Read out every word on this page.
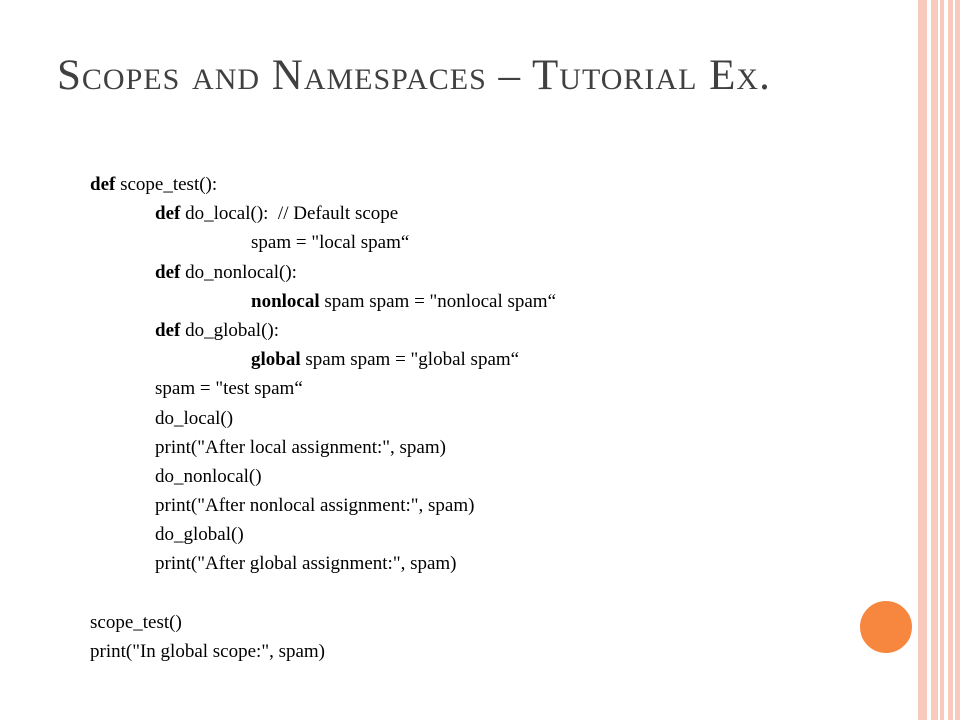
Scopes and Namespaces – Tutorial Ex.
def scope_test():
def do_local():  // Default scope
spam = "local spam“
def do_nonlocal():
nonlocal spam spam = "nonlocal spam“
def do_global():
global spam spam = "global spam“
spam = "test spam“
do_local()
print("After local assignment:", spam)
do_nonlocal()
print("After nonlocal assignment:", spam)
do_global()
print("After global assignment:", spam)
scope_test()
print("In global scope:", spam)
